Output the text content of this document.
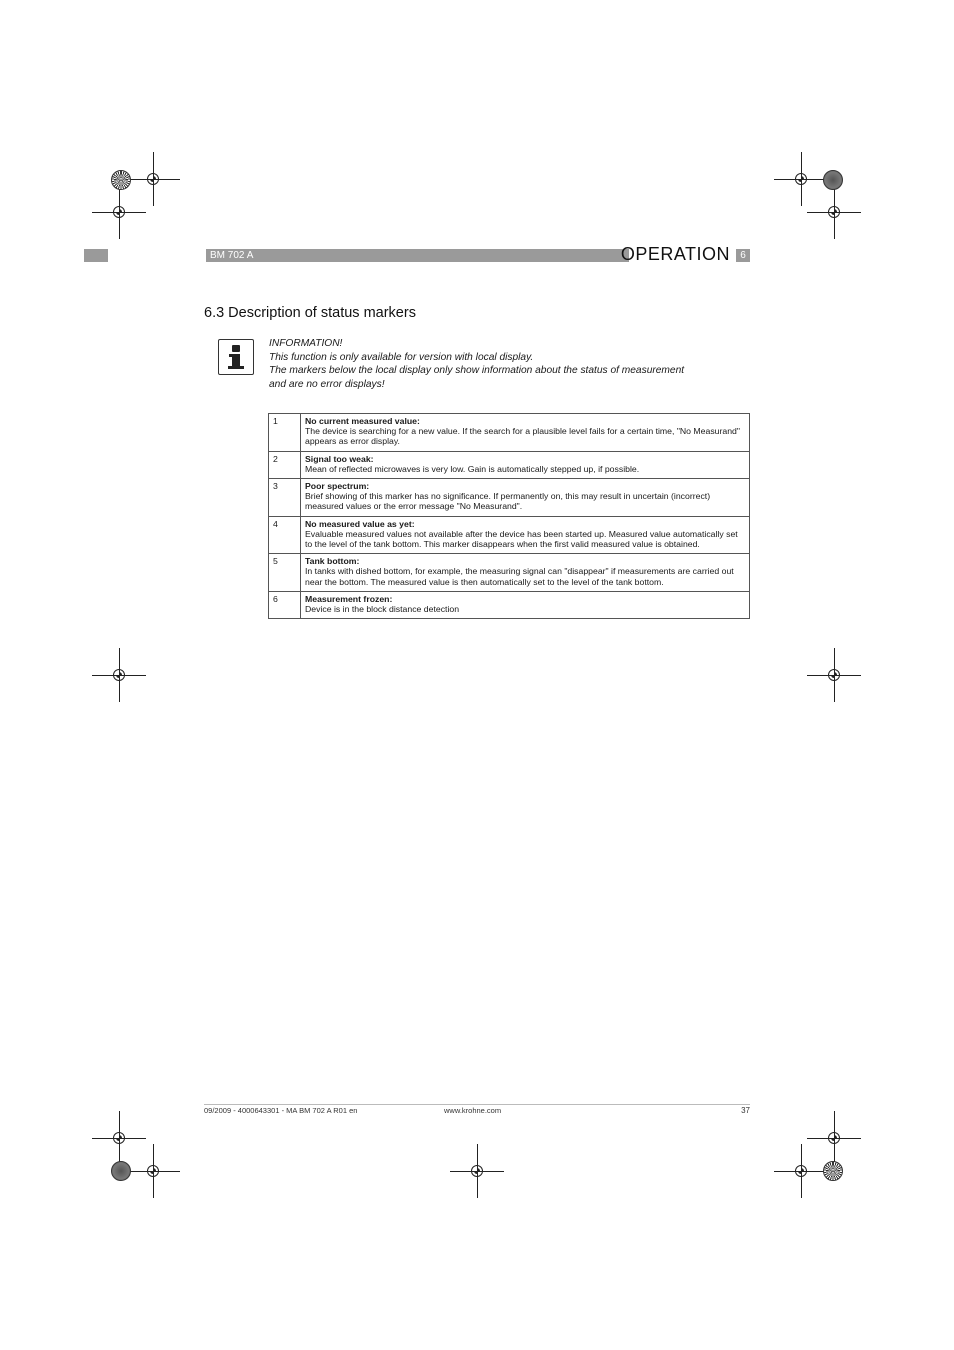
BM 702 A	OPERATION	6
6.3 Description of status markers
INFORMATION!
This function is only available for version with local display.
The markers below the local display only show information about the status of measurement and are no error displays!
1	No current measured value:
The device is searching for a new value. If the search for a plausible level fails for a certain time, "No Measurand" appears as error display.
2	Signal too weak:
Mean of reflected microwaves is very low. Gain is automatically stepped up, if possible.
3	Poor spectrum:
Brief showing of this marker has no significance. If permanently on, this may result in uncertain (incorrect) measured values or the error message "No Measurand".
4	No measured value as yet:
Evaluable measured values not available after the device has been started up. Measured value automatically set to the level of the tank bottom. This marker disappears when the first valid measured value is obtained.
5	Tank bottom:
In tanks with dished bottom, for example, the measuring signal can "disappear" if measurements are carried out near the bottom. The measured value is then automatically set to the level of the tank bottom.
6	Measurement frozen:
Device is in the block distance detection
09/2009 - 4000643301 - MA BM 702 A R01 en	www.krohne.com	37
